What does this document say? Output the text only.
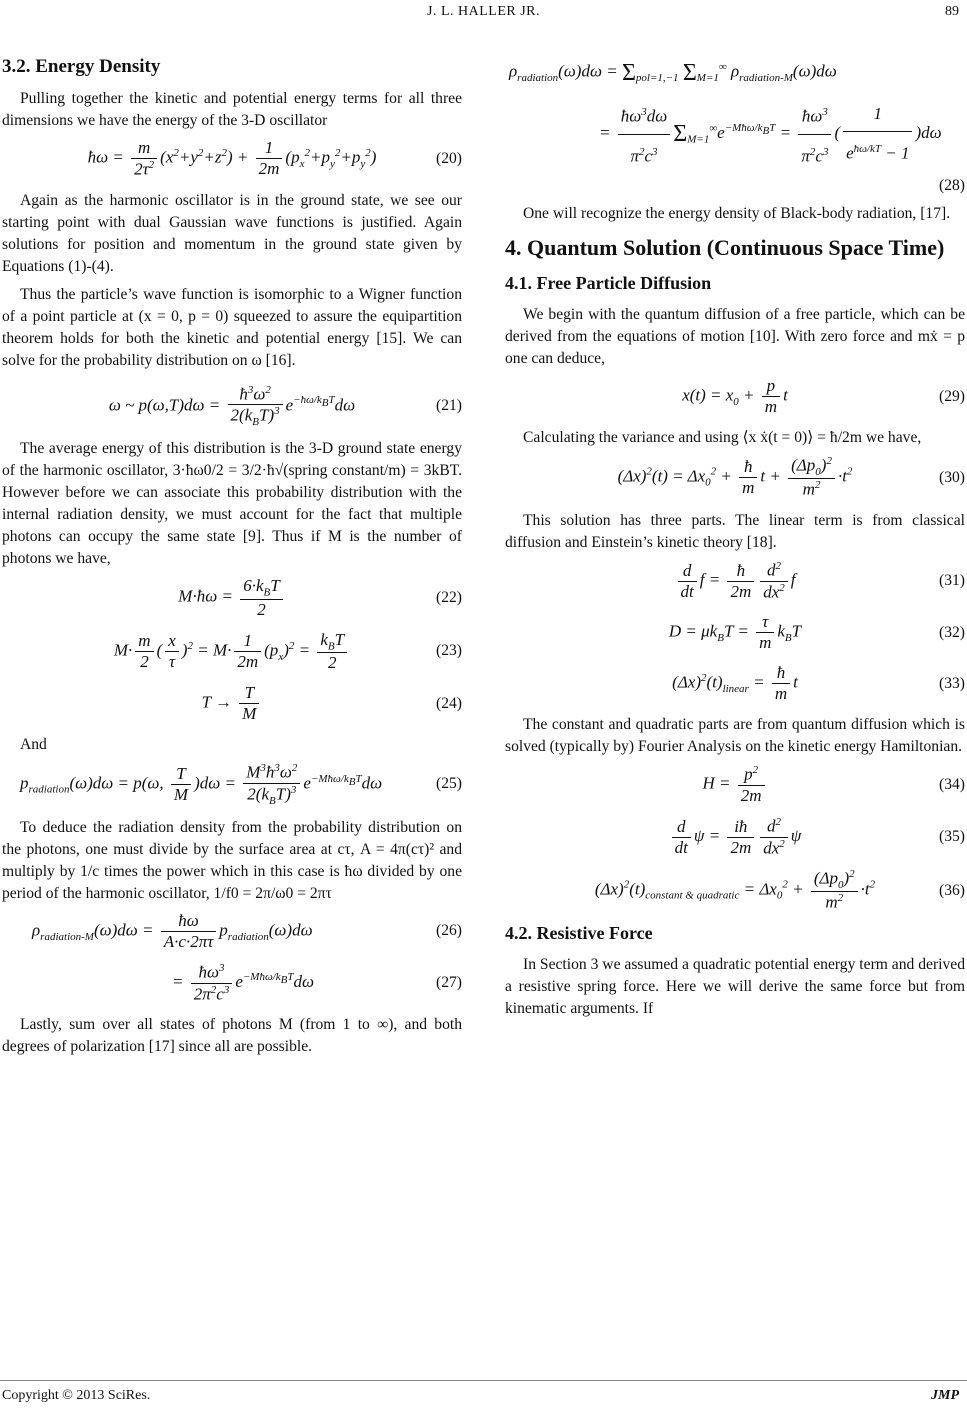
J. L. HALLER JR.	89
3.2. Energy Density

Pulling together the kinetic and potential energy terms for all three dimensions we have the energy of the 3-D oscillator

ħω = $\frac{m}{2\tau^2} (x^2+y^2+z^2) + \frac{1}{2m} (p_x^2+p_y^2+p_y^2)$	(20)

Again as the harmonic oscillator is in the ground state, we see our starting point with dual Gaussian wave functions is justified. Again solutions for position and momentum in the ground state given by Equations (1)-(4).

Thus the particle’s wave function is isomorphic to a Wigner function of a point particle at (x = 0, p = 0) squeezed to assure the equipartition theorem holds for both the kinetic and potential energy [15]. We can solve for the probability distribution on ω [16].

ω ~ $p(\omega,T)d\omega = \frac{ħ^3\omega^2}{2(k_BT)^3} e^{-ħ\omega/k_BT}d\omega$	(21)

The average energy of this distribution is the 3-D ground state energy of the harmonic oscillator, 3·ħω0/2 = 3/2·ħ√(spring constant/m) = 3kBT. However before we can associate this probability distribution with the internal radiation density, we must account for the fact that multiple photons can occupy the same state [9]. Thus if M is the number of photons we have,

M·ħω = $\frac{6\cdot k_BT}{2}$	(22)
$M\cdot \frac{m}{2}$ ( $\frac{x}{\tau} )^2 = M\cdot \frac{1}{2m} (p_x)^2 = \frac{k_BT}{2}$	(23)
$T \to \frac{T}{M}$	(24)

And

$p_{radiation}(\omega)d\omega = p(\omega$, $\frac{T}{M} )d\omega = \frac{M^3ħ^3\omega^2}{2(k_BT)^3} e^{-Mħ\omega/k_BT}d\omega$	(25)

To deduce the radiation density from the probability distribution on the photons, one must divide by the surface area at cτ, A = 4π(cτ)² and multiply by 1/c times the power which in this case is ħω divided by one period of the harmonic oscillator, 1/f0 = 2π/ω0 = 2πτ

$\rho_{radiation-M}(\omega)d\omega = \frac{ħ\omega}{A\cdot c\cdot 2\pi\tau} p_{radiation}(\omega)d\omega$	(26)
= $\frac{ħ\omega^3}{2\pi^2c^3} e^{-Mħ\omega/k_BT}d\omega$	(27)

Lastly, sum over all states of photons M (from 1 to ∞), and both degrees of polarization [17] since all are possible.

$\rho_{radiation}(\omega)d\omega = \Sigma_{pol=1,-1}$ $\Sigma_{M=1}^\infty$ $\rho_{radiation-M}(\omega)d\omega$
= $\frac{ħ\omega^3d\omega}{\pi^2c^3} \Sigma_{M=1}^\infty e^{-Mħ\omega/k_BT} = \frac{ħ\omega^3}{\pi^2c^3}$ ( $\frac{1}{e^{ħ\omega/kT} - 1} )d\omega$
(28)

One will recognize the energy density of Black-body radiation, [17].

4. Quantum Solution (Continuous Space Time)
4.1. Free Particle Diffusion

We begin with the quantum diffusion of a free particle, which can be derived from the equations of motion [10]. With zero force and mẋ = p one can deduce,

$x(t) = x_0 + \frac{p}{m}$ t	(29)

Calculating the variance and using ⟨x ẋ(t = 0)⟩ = ħ/2m we have,

$(\Delta x)^2(t) = \Delta x_0^2 + \frac{ħ}{m}$ $t + \frac{(\Delta p_0)^2}{m^2} \cdot t^2$	(30)

This solution has three parts. The linear term is from classical diffusion and Einstein’s kinetic theory [18].

$\frac{d}{dt}$ $f = \frac{ħ}{2m} \frac{d^2}{dx^2}$ f	(31)
$D = \mu k_BT = \frac{\tau}{m} k_BT$	(32)
$(\Delta x)^2(t)_{linear} = \frac{ħ}{m}$ t	(33)

The constant and quadratic parts are from quantum diffusion which is solved (typically by) Fourier Analysis on the kinetic energy Hamiltonian.

$H = \frac{p^2}{2m}$	(34)
$\frac{d}{dt}$ $\psi = \frac{iħ}{2m} \frac{d^2}{dx^2}$ ψ	(35)
$(\Delta x)^2(t)_{constant \& quadratic} = \Delta x_0^2 + \frac{(\Delta p_0)^2}{m^2} \cdot t^2$	(36)
4.2. Resistive Force

In Section 3 we assumed a quadratic potential energy term and derived a resistive spring force. Here we will derive the same force but from kinematic arguments. If

Copyright © 2013 SciRes.	JMP
